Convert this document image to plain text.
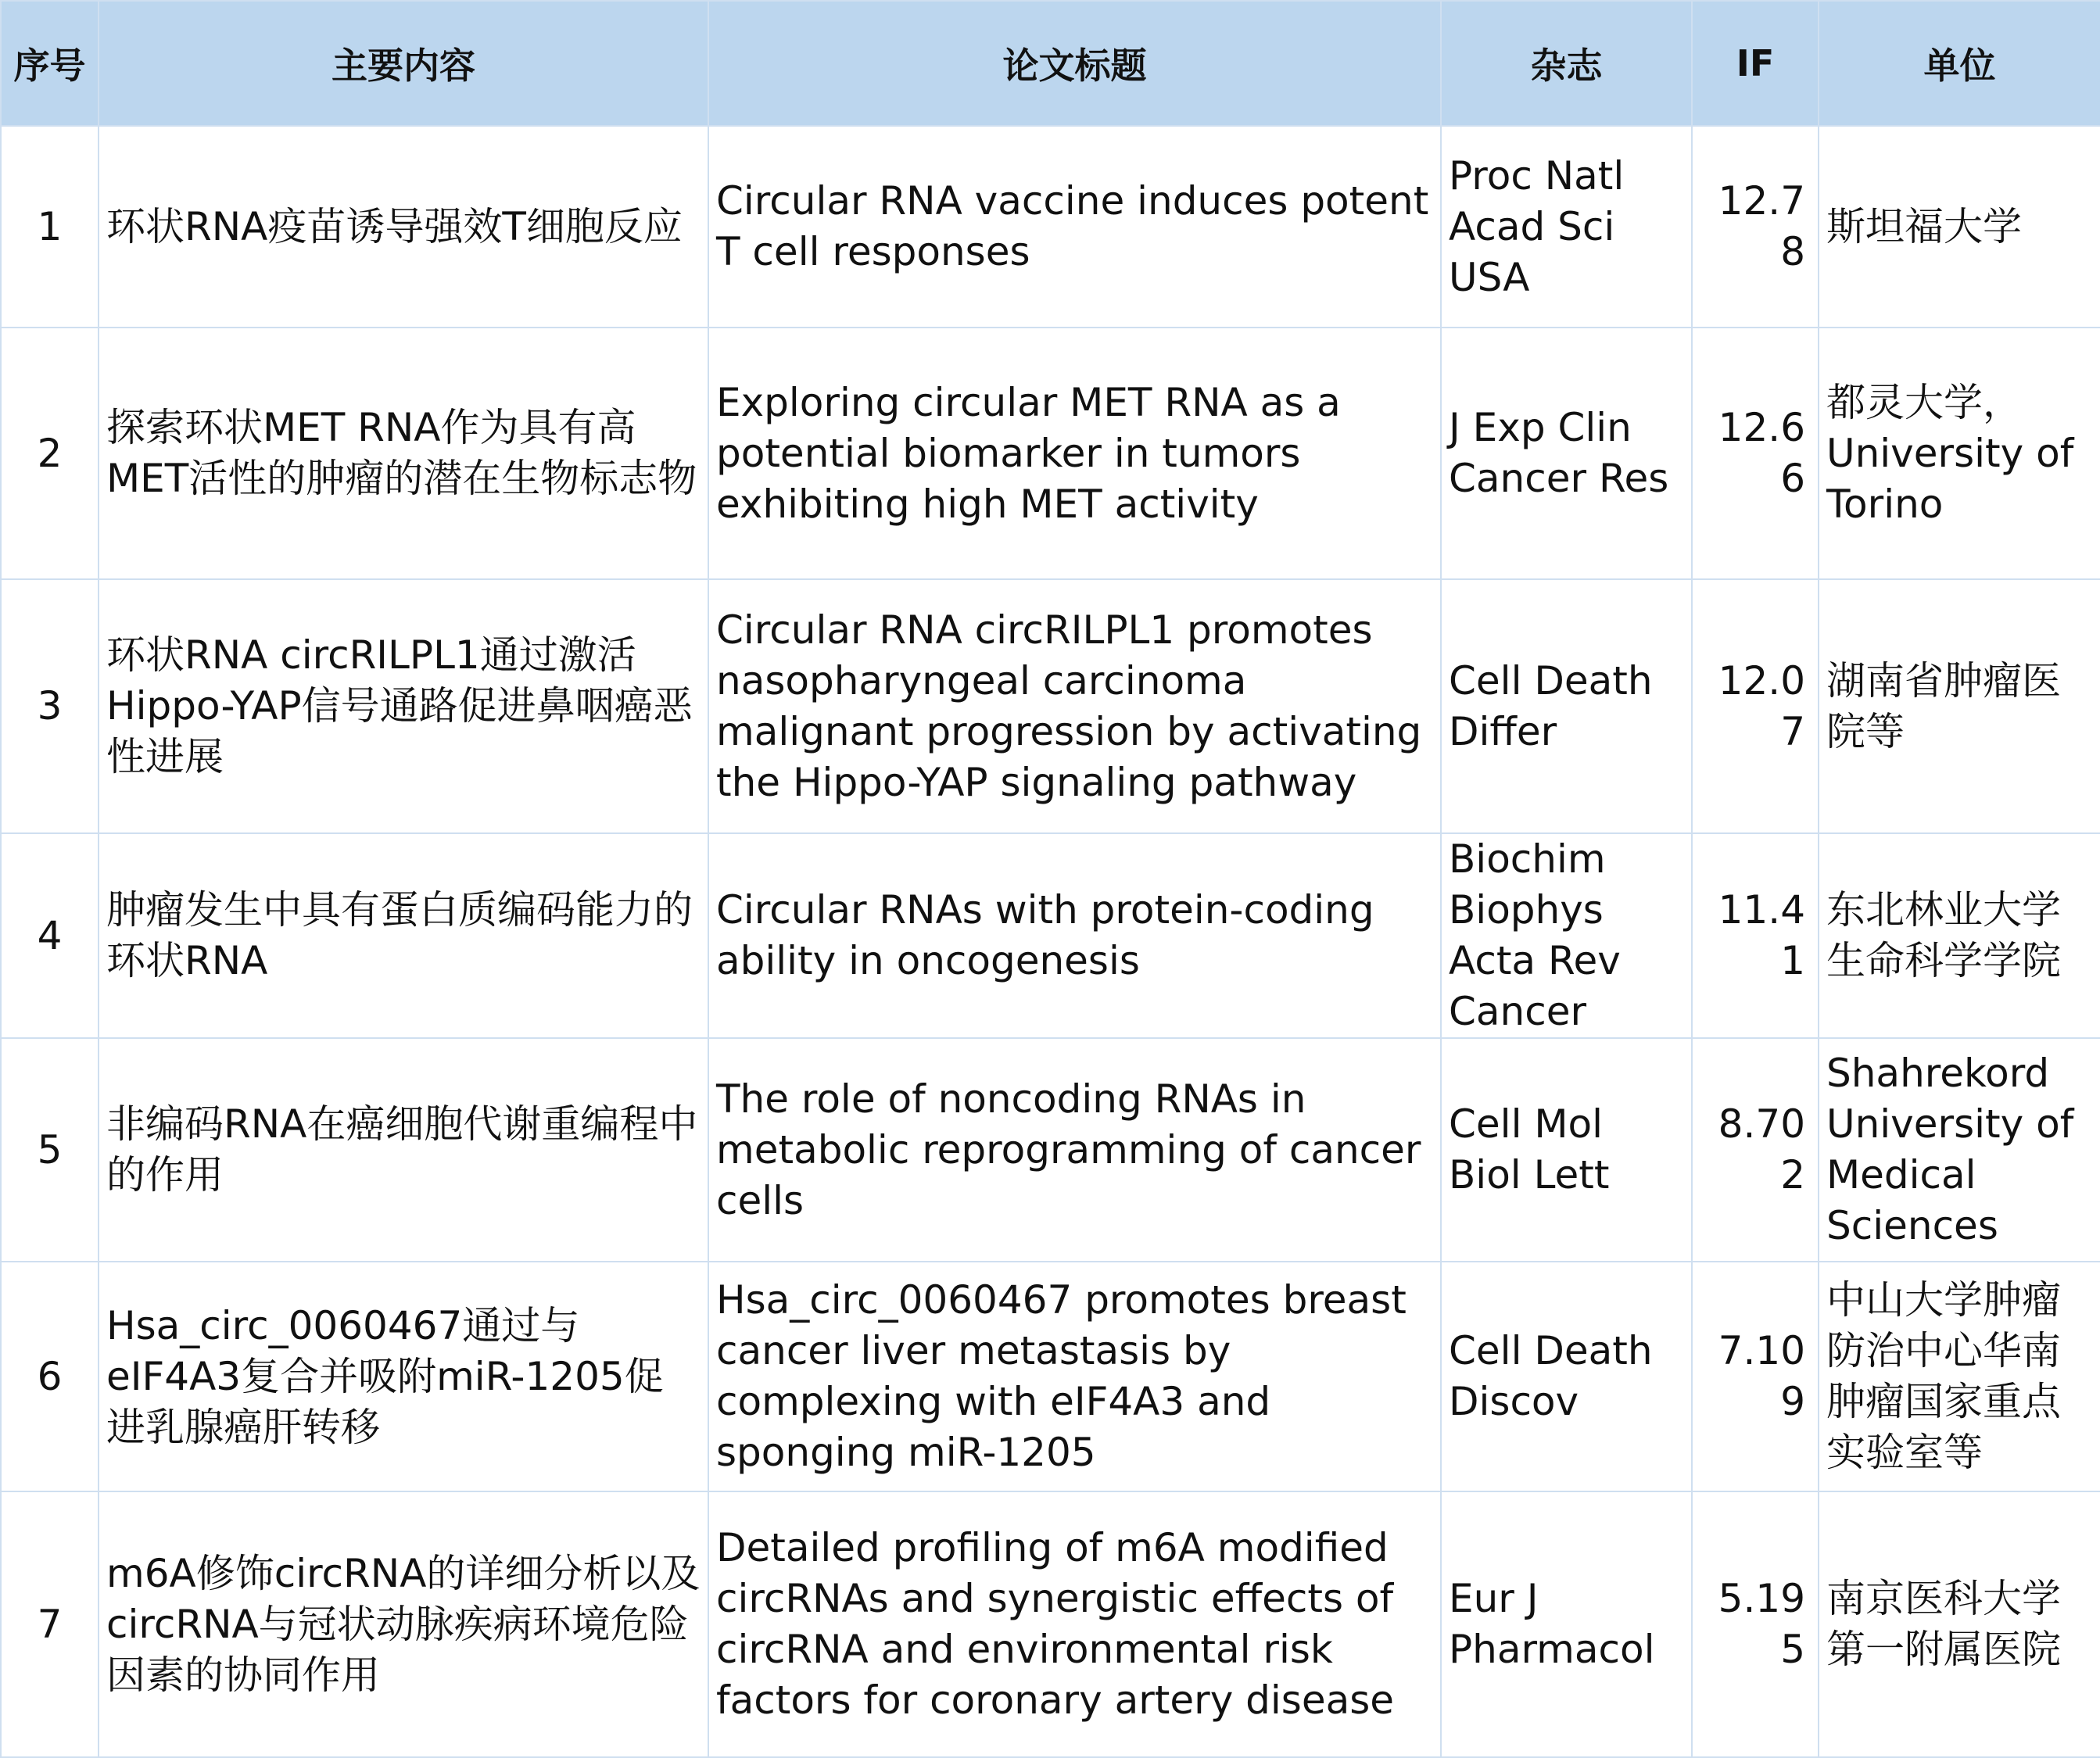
序号	主要内容	论文标题	杂志	IF	单位
1	环状RNA疫苗诱导强效T细胞反应	Circular RNA vaccine induces potent T cell responses	Proc Natl Acad Sci USA	12.78	斯坦福大学
2	探索环状MET RNA作为具有高MET活性的肿瘤的潜在生物标志物	Exploring circular MET RNA as a potential biomarker in tumors exhibiting high MET activity	J Exp Clin Cancer Res	12.66	都灵大学，University of Torino
3	环状RNA circRILPL1通过激活Hippo-YAP信号通路促进鼻咽癌恶性进展	Circular RNA circRILPL1 promotes nasopharyngeal carcinoma malignant progression by activating the Hippo-YAP signaling pathway	Cell Death Differ	12.07	湖南省肿瘤医院等
4	肿瘤发生中具有蛋白质编码能力的环状RNA	Circular RNAs with protein-coding ability in oncogenesis	Biochim Biophys Acta Rev Cancer	11.41	东北林业大学生命科学学院
5	非编码RNA在癌细胞代谢重编程中的作用	The role of noncoding RNAs in metabolic reprogramming of cancer cells	Cell Mol Biol Lett	8.702	Shahrekord University of Medical Sciences
6	Hsa_circ_0060467通过与eIF4A3复合并吸附miR-1205促进乳腺癌肝转移	Hsa_circ_0060467 promotes breast cancer liver metastasis by complexing with eIF4A3 and sponging miR-1205	Cell Death Discov	7.109	中山大学肿瘤防治中心华南肿瘤国家重点实验室等
7	m6A修饰circRNA的详细分析以及circRNA与冠状动脉疾病环境危险因素的协同作用	Detailed profiling of m6A modified circRNAs and synergistic effects of circRNA and environmental risk factors for coronary artery disease	Eur J Pharmacol	5.195	南京医科大学第一附属医院
